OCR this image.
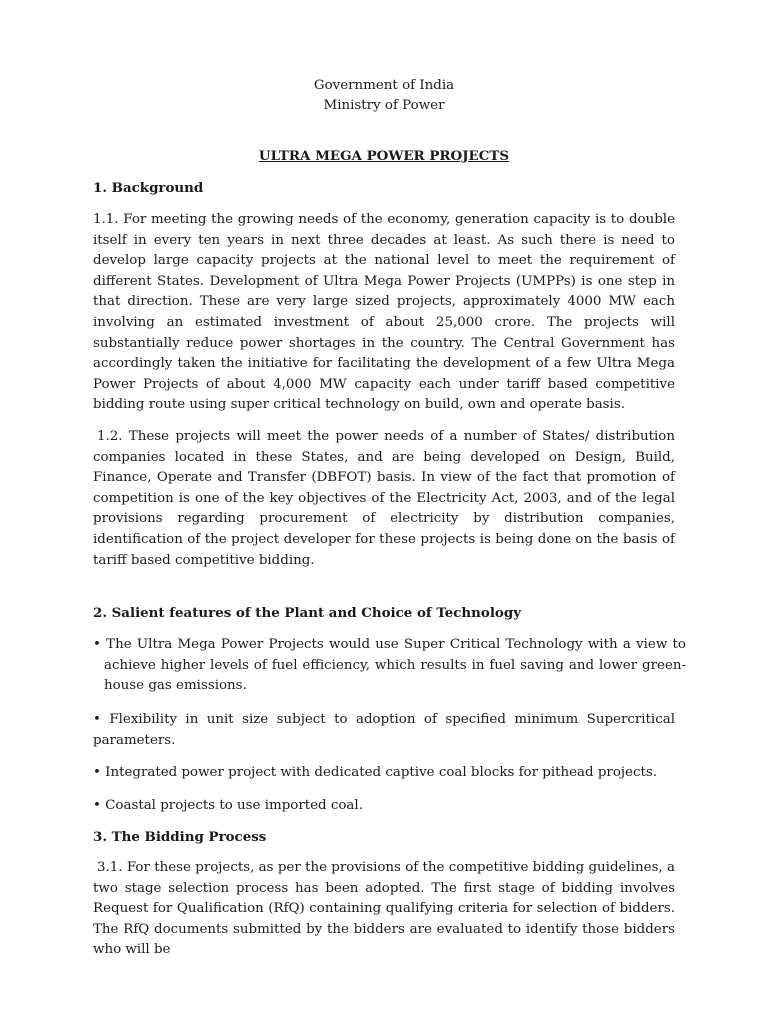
Government of India
Ministry of Power
ULTRA MEGA POWER PROJECTS
1. Background
1.1. For meeting the growing needs of the economy, generation capacity is to double itself in every ten years in next three decades at least. As such there is need to develop large capacity projects at the national level to meet the requirement of different States. Development of Ultra Mega Power Projects (UMPPs) is one step in that direction. These are very large sized projects, approximately 4000 MW each involving an estimated investment of about 25,000 crore. The projects will substantially reduce power shortages in the country. The Central Government has accordingly taken the initiative for facilitating the development of a few Ultra Mega Power Projects of about 4,000 MW capacity each under tariff based competitive bidding route using super critical technology on build, own and operate basis.
1.2. These projects will meet the power needs of a number of States/ distribution companies located in these States, and are being developed on Design, Build, Finance, Operate and Transfer (DBFOT) basis. In view of the fact that promotion of competition is one of the key objectives of the Electricity Act, 2003, and of the legal provisions regarding procurement of electricity by distribution companies, identification of the project developer for these projects is being done on the basis of tariff based competitive bidding.
2. Salient features of the Plant and Choice of Technology
• The Ultra Mega Power Projects would use Super Critical Technology with a view to achieve higher levels of fuel efficiency, which results in fuel saving and lower green-house gas emissions.
• Flexibility in unit size subject to adoption of specified minimum Supercritical parameters.
• Integrated power project with dedicated captive coal blocks for pithead projects.
• Coastal projects to use imported coal.
3. The Bidding Process
3.1. For these projects, as per the provisions of the competitive bidding guidelines, a two stage selection process has been adopted. The first stage of bidding involves Request for Qualification (RfQ) containing qualifying criteria for selection of bidders. The RfQ documents submitted by the bidders are evaluated to identify those bidders who will be
